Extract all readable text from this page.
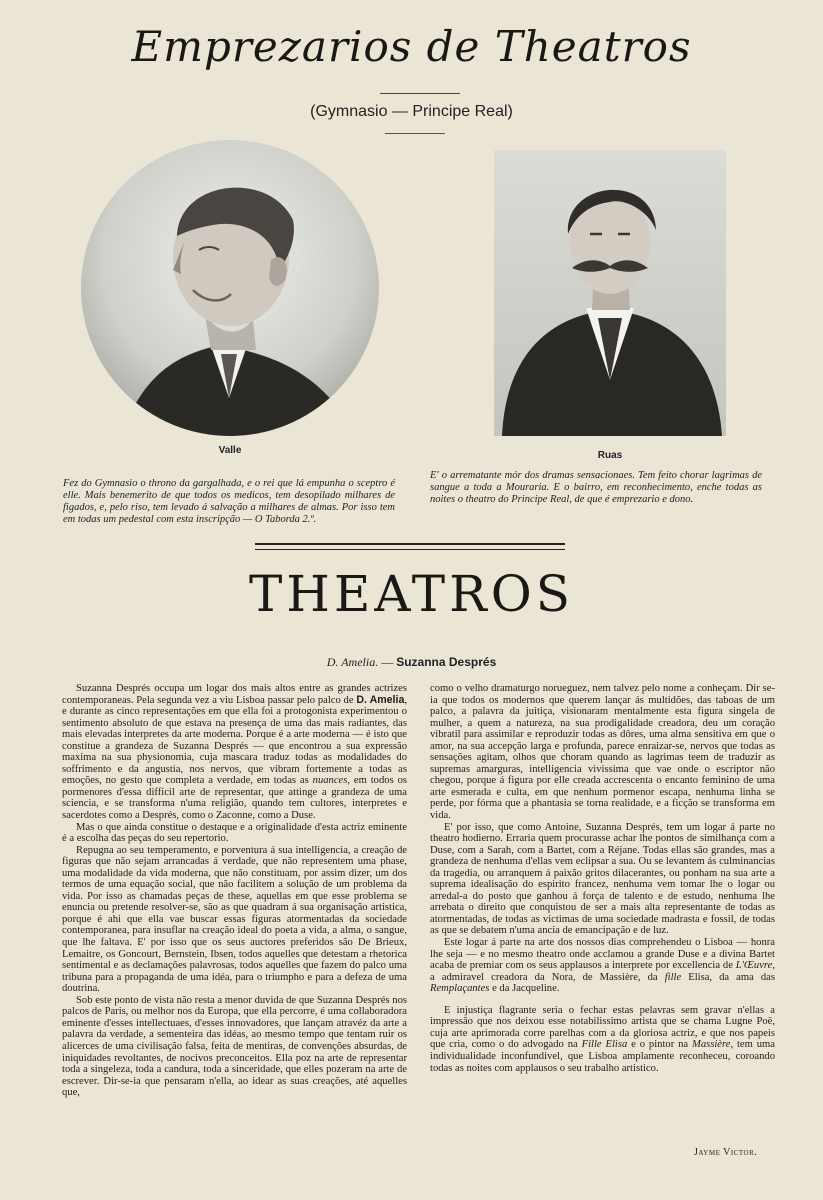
Emprezarios de Theatros
(Gymnasio — Principe Real)
Valle	Ruas
Fez do Gymnasio o throno da gargalhada, e o rei que lá empunha o sceptro é elle. Mais benemerito de que todos os medicos, tem desopilado milhares de figados, e, pelo riso, tem levado á salvação a milhares de almas. Por isso tem em todas um pedestal com esta inscripção — O Taborda 2.º.
E' o arrematante mór dos dramas sensacionaes. Tem feito chorar lagrimas de sangue a toda a Mouraria. E o bairro, em reconhecimento, enche todas as noites o theatro do Principe Real, de que é emprezario e dono.
THEATROS
D. Amelia. — Suzanna Després

Suzanna Després occupa um logar dos mais altos entre as grandes actrizes contemporaneas. Pela segunda vez a viu Lisboa passar pelo palco de D. Amelia, e durante as cinco representações em que ella foi a protogonista experimentou o sentimento absoluto de que estava na presença de uma das mais radiantes, das mais elevadas interpretes da arte moderna. Porque é a arte moderna — é isto que constitue a grandeza de Suzanna Després — que encontrou a sua expressão maxima na sua physionomia, cuja mascara traduz todas as modalidades do soffrimento e da angustia, nos nervos, que vibram fortemente a todas as emoções, no gesto que completa a verdade, em todas as nuances, em todos os pormenores d'essa difficil arte de representar, que attinge a grandeza de uma sciencia, e se transforma n'uma religião, quando tem cultores, interpretes e sacerdotes como a Després, como o Zaconne, como a Duse.

Mas o que ainda constitue o destaque e a originalidade d'esta actriz eminente é a escolha das peças do seu repertorio.

Repugna ao seu temperamento, e porventura á sua intelligencia, a creação de figuras que não sejam arrancadas á verdade, que não representem uma phase, uma modalidade da vida moderna, que não constituam, por assim dizer, um dos termos de uma equação social, que não facilitem a solução de um problema da vida. Por isso as chamadas peças de these, aquellas em que esse problema se enuncia ou pretende resolver-se, são as que quadram á sua organisação artistica, porque é ahi que ella vae buscar essas figuras atormentadas da sociedade contemporanea, para insuflar na creação ideal do poeta a vida, a alma, o sangue, que lhe faltava. E' por isso que os seus auctores preferidos são De Brieux, Lemaitre, os Goncourt, Bernstein, Ibsen, todos aquelles que detestam a rhetorica sentimental e as declamações palavrosas, todos aquelles que fazem do palco uma tribuna para a propaganda de uma idéa, para o triumpho e para a defeza de uma doutrina.

Sob este ponto de vista não resta a menor duvida de que Suzanna Després nos palcos de Paris, ou melhor nos da Europa, que ella percorre, é uma collaboradora eminente d'esses intellectuaes, d'esses innovadores, que lançam atravéz da arte a palavra da verdade, a sementeira das idéas, ao mesmo tempo que tentam ruir os alicerces de uma civilisação falsa, feita de mentiras, de convenções absurdas, de iniquidades revoltantes, de nocivos preconceitos. Ella poz na arte de representar toda a singeleza, toda a candura, toda a sinceridade, que elles pozeram na arte de escrever. Dir-se-ia que pensaram n'ella, ao idear as suas creações, até aquelles que,

como o velho dramaturgo norueguez, nem talvez pelo nome a conheçam. Dir se-ia que todos os modernos que querem lançar ás multidões, das taboas de um palco, a palavra da juitiça, visionaram mentalmente esta figura singela de mulher, a quem a natureza, na sua prodigalidade creadora, deu um coração vibratil para assimilar e reproduzir todas as dôres, uma alma sensitiva em que o amor, na sua accepção larga e profunda, parece enraizar-se, nervos que todas as sensações agitam, olhos que choram quando as lagrimas teem de traduzir as supremas amarguras, intelligencia vivissima que vae onde o escriptor não chegou, porque á figura por elle creada accrescenta o encanto feminino de uma arte esmerada e culta, em que nenhum pormenor escapa, nenhuma linha se perde, por fórma que a phantasia se torna realidade, e a ficção se transforma em vida.

E' por isso, que como Antoine, Suzanna Després, tem um logar á parte no theatro hodierno. Erraria quem procurasse achar lhe pontos de similhança com a Duse, com a Sarah, com a Bartet, com a Réjane. Todas ellas são grandes, mas a grandeza de nenhuma d'ellas vem eclipsar a sua. Ou se levantem ás culminancias da tragedia, ou arranquem á paixão gritos dilacerantes, ou ponham na sua arte a suprema idealisação do espirito francez, nenhuma vem tomar lhe o logar ou arredal-a do posto que ganhou á força de talento e de estudo, nenhuma lhe arrebata o direito que conquistou de ser a mais alta representante de todas as atormentadas, de todas as victimas de uma sociedade madrasta e fossil, de todas as que se debatem n'uma ancia de emancipação e de luz.

Este logar á parte na arte dos nossos dias comprehendeu o Lisboa — honra lhe seja — e no mesmo theatro onde acclamou a grande Duse e a divina Bartet acaba de premiar com os seus applausos a interprete por excellencia de L'Œuvre, a admiravel creadora da Nora, de Massière, da fille Elisa, da ama das Remplaçantes e da Jacqueline.

E injustiça flagrante seria o fechar estas pelavras sem gravar n'ellas a impressão que nos deixou esse notabilissimo artista que se chama Lugne Poë, cuja arte aprimorada corre parelhas com a da gloriosa actriz, e que nos papeis que cria, como o do advogado na Fille Elisa e o pintor na Massière, tem uma individualidade inconfundivel, que Lisboa amplamente reconheceu, coroando todas as noites com applausos o seu trabalho artistico.

Jayme Victor.
